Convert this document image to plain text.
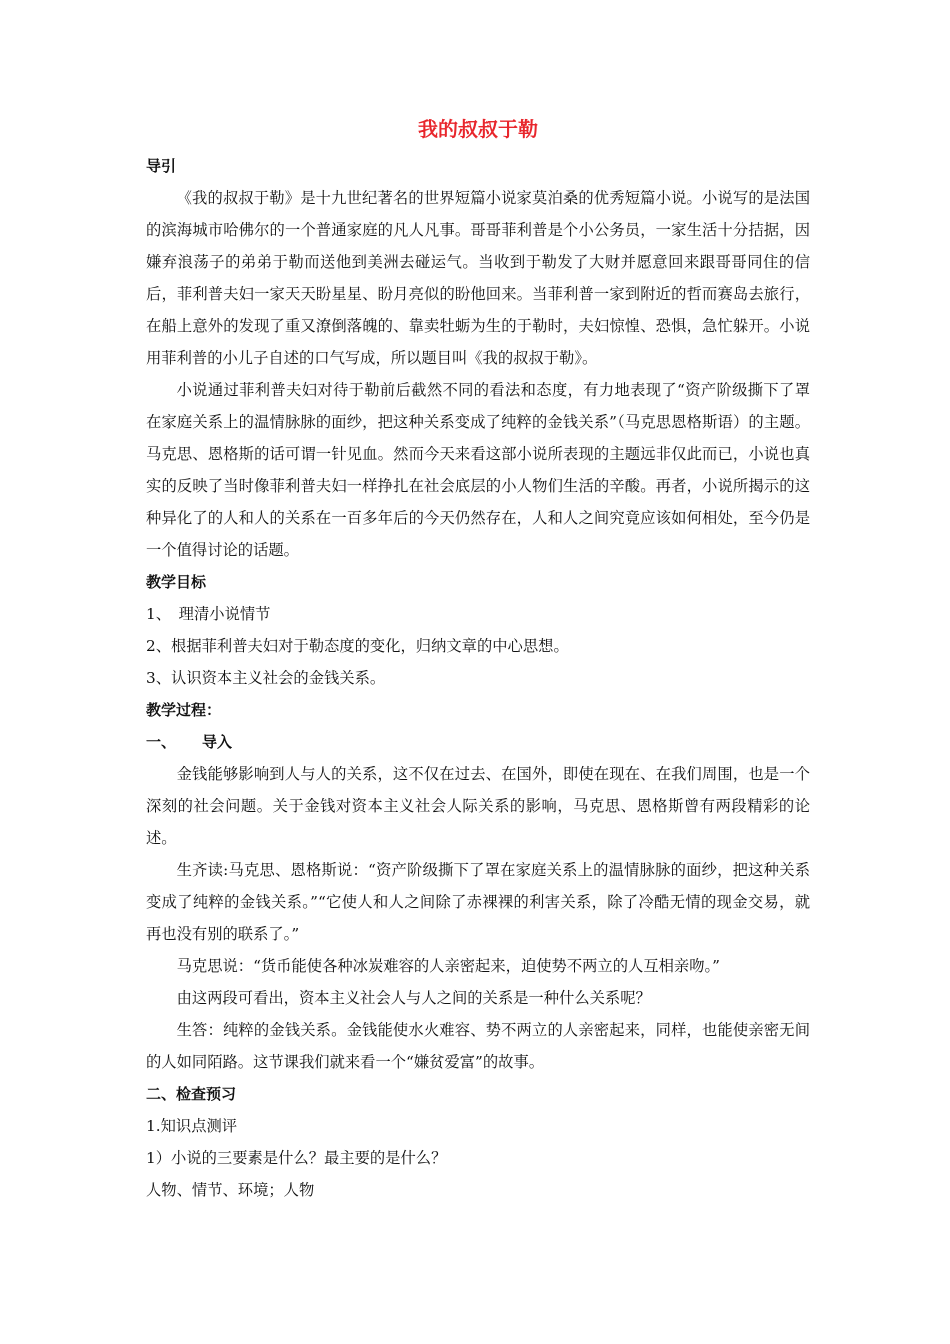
我的叔叔于勒
导引

《我的叔叔于勒》是十九世纪著名的世界短篇小说家莫泊桑的优秀短篇小说。小说写的是法国的滨海城市哈佛尔的一个普通家庭的凡人凡事。哥哥菲利普是个小公务员，一家生活十分拮据，因嫌弃浪荡子的弟弟于勒而送他到美洲去碰运气。当收到于勒发了大财并愿意回来跟哥哥同住的信后，菲利普夫妇一家天天盼星星、盼月亮似的盼他回来。当菲利普一家到附近的哲而赛岛去旅行，在船上意外的发现了重又潦倒落魄的、靠卖牡蛎为生的于勒时，夫妇惊惶、恐惧，急忙躲开。小说用菲利普的小儿子自述的口气写成，所以题目叫《我的叔叔于勒》。

小说通过菲利普夫妇对待于勒前后截然不同的看法和态度，有力地表现了“资产阶级撕下了罩在家庭关系上的温情脉脉的面纱，把这种关系变成了纯粹的金钱关系”（马克思恩格斯语）的主题。马克思、恩格斯的话可谓一针见血。然而今天来看这部小说所表现的主题远非仅此而已，小说也真实的反映了当时像菲利普夫妇一样挣扎在社会底层的小人物们生活的辛酸。再者，小说所揭示的这种异化了的人和人的关系在一百多年后的今天仍然存在，人和人之间究竟应该如何相处，至今仍是一个值得讨论的话题。

教学目标

1、　理清小说情节

2、根据菲利普夫妇对于勒态度的变化，归纳文章的中心思想。

3、认识资本主义社会的金钱关系。

教学过程：
一、 导入

金钱能够影响到人与人的关系，这不仅在过去、在国外，即使在现在、在我们周围，也是一个深刻的社会问题。关于金钱对资本主义社会人际关系的影响，马克思、恩格斯曾有两段精彩的论述。

生齐读:马克思、恩格斯说：“资产阶级撕下了罩在家庭关系上的温情脉脉的面纱，把这种关系变成了纯粹的金钱关系。”“它使人和人之间除了赤裸裸的利害关系，除了冷酷无情的现金交易，就再也没有别的联系了。”

马克思说：“货币能使各种冰炭难容的人亲密起来，迫使势不两立的人互相亲吻。”

由这两段可看出，资本主义社会人与人之间的关系是一种什么关系呢？

生答：纯粹的金钱关系。金钱能使水火难容、势不两立的人亲密起来，同样，也能使亲密无间的人如同陌路。这节课我们就来看一个“嫌贫爱富”的故事。

二、检查预习

1.知识点测评

1）小说的三要素是什么？最主要的是什么？

人物、情节、环境；人物
